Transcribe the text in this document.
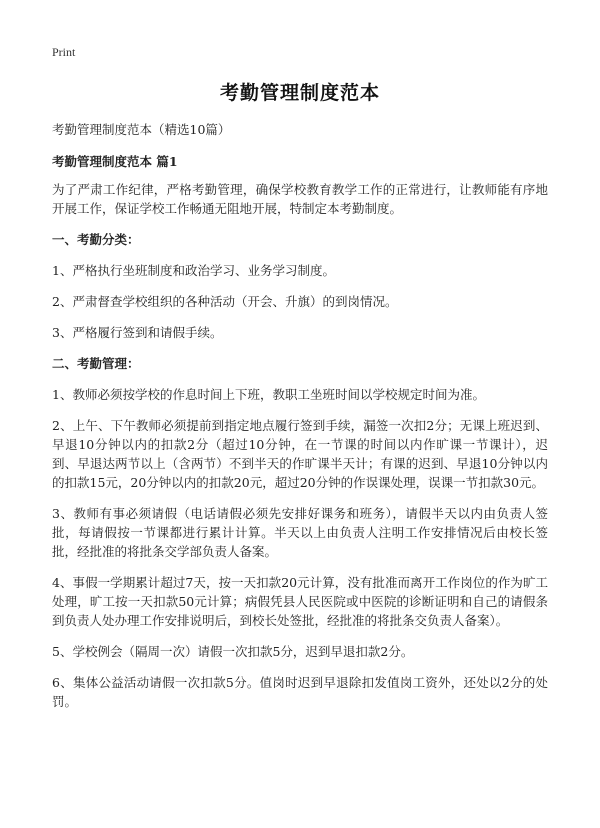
Print
考勤管理制度范本

考勤管理制度范本（精选10篇）

考勤管理制度范本 篇1

为了严肃工作纪律，严格考勤管理，确保学校教育教学工作的正常进行，让教师能有序地开展工作，保证学校工作畅通无阻地开展，特制定本考勤制度。

一、考勤分类：

1、严格执行坐班制度和政治学习、业务学习制度。

2、严肃督查学校组织的各种活动（开会、升旗）的到岗情况。

3、严格履行签到和请假手续。

二、考勤管理：

1、教师必须按学校的作息时间上下班，教职工坐班时间以学校规定时间为准。

2、上午、下午教师必须提前到指定地点履行签到手续，漏签一次扣2分；无课上班迟到、早退10分钟以内的扣款2分（超过10分钟，在一节课的时间以内作旷课一节课计），迟到、早退达两节以上（含两节）不到半天的作旷课半天计；有课的迟到、早退10分钟以内的扣款15元，20分钟以内的扣款20元，超过20分钟的作误课处理，误课一节扣款30元。

3、教师有事必须请假（电话请假必须先安排好课务和班务），请假半天以内由负责人签批，每请假按一节课都进行累计计算。半天以上由负责人注明工作安排情况后由校长签批，经批准的将批条交学部负责人备案。

4、事假一学期累计超过7天，按一天扣款20元计算，没有批准而离开工作岗位的作为旷工处理，旷工按一天扣款50元计算；病假凭县人民医院或中医院的诊断证明和自己的请假条到负责人处办理工作安排说明后，到校长处签批，经批准的将批条交负责人备案）。

5、学校例会（隔周一次）请假一次扣款5分，迟到早退扣款2分。

6、集体公益活动请假一次扣款5分。值岗时迟到早退除扣发值岗工资外，还处以2分的处罚。
